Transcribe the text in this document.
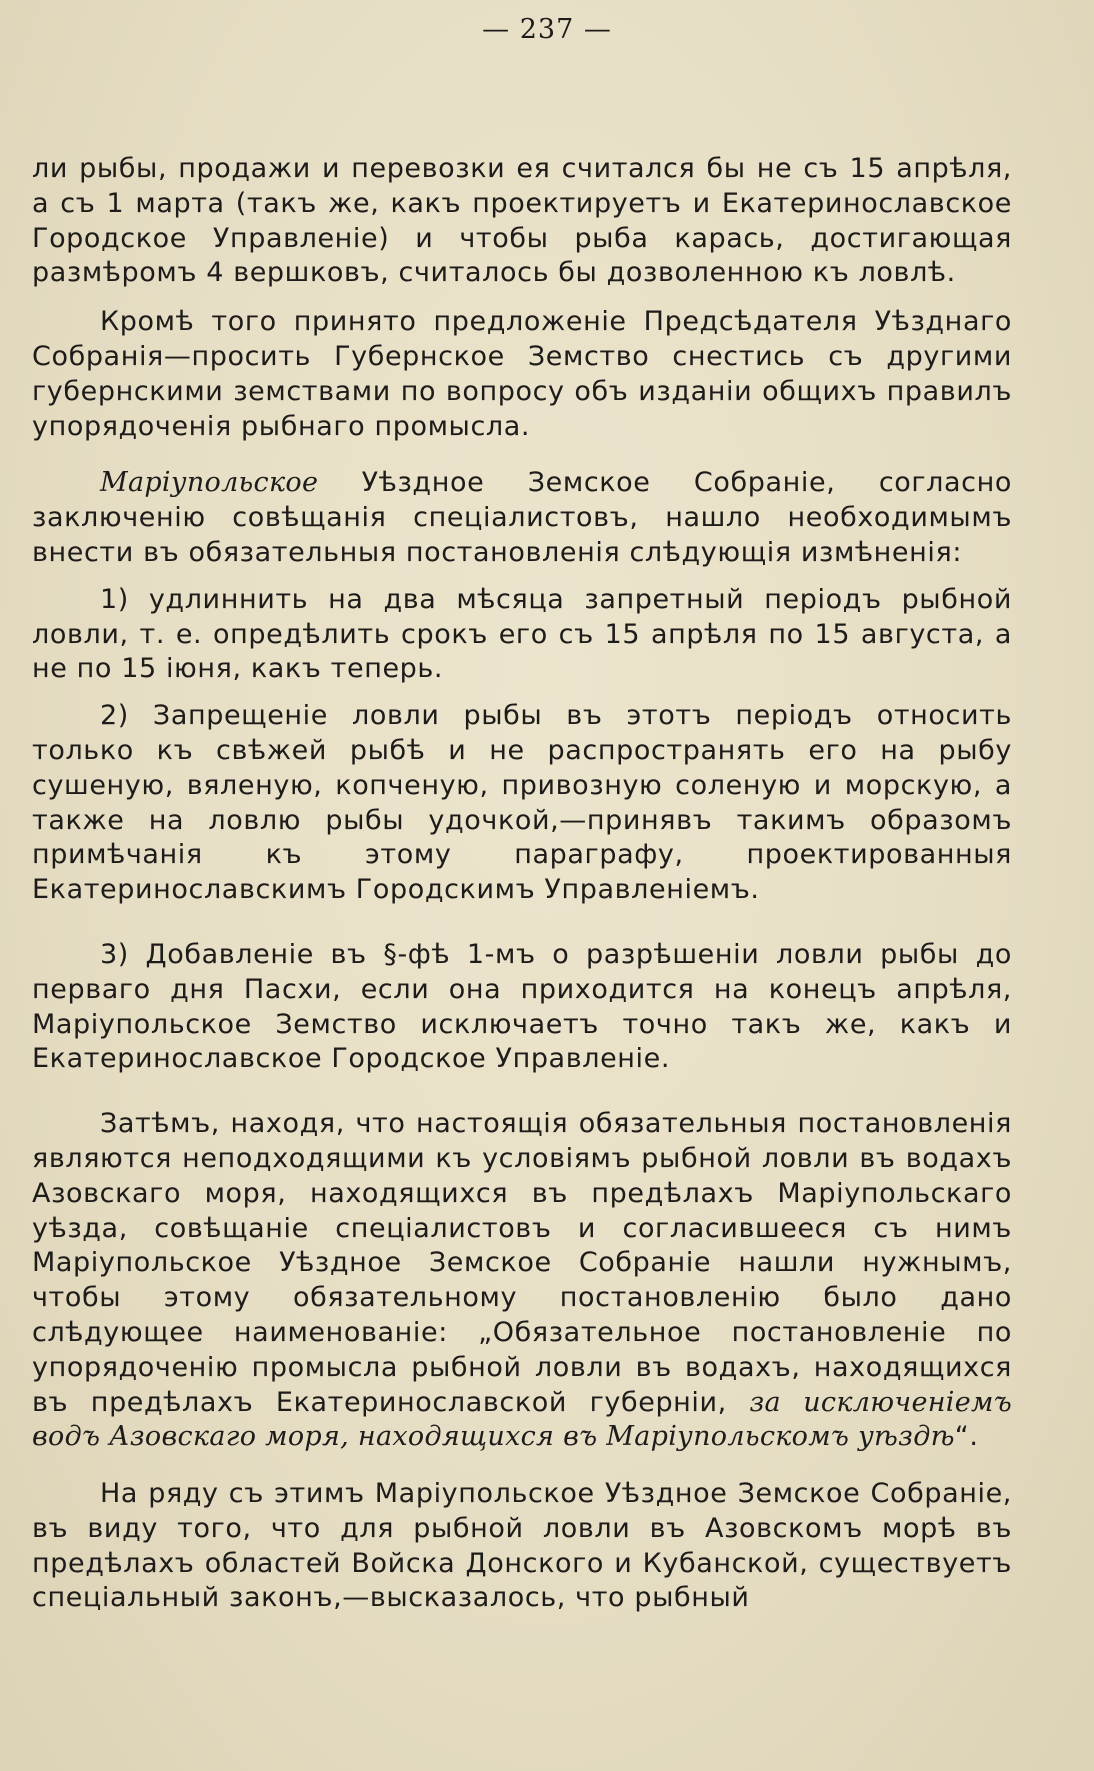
— 237 —

ли рыбы, продажи и перевозки ея считался бы не съ 15 апрѣля, а съ 1 марта (такъ же, какъ проектируетъ и Екатеринославское Городское Управленіе) и чтобы рыба карась, достигающая размѣромъ 4 вершковъ, считалось бы дозволенною къ ловлѣ.

Кромѣ того принято предложеніе Предсѣдателя Уѣзднаго Собранія—просить Губернское Земство снестись съ другими губернскими земствами по вопросу объ изданіи общихъ правилъ упорядоченія рыбнаго промысла.

Маріупольское Уѣздное Земское Собраніе, согласно заключенію совѣщанія спеціалистовъ, нашло необходимымъ внести въ обязательныя постановленія слѣдующія измѣненія:

1) удлиннить на два мѣсяца запретный періодъ рыбной ловли, т. е. опредѣлить срокъ его съ 15 апрѣля по 15 августа, а не по 15 іюня, какъ теперь.

2) Запрещеніе ловли рыбы въ этотъ періодъ относить только къ свѣжей рыбѣ и не распространять его на рыбу сушеную, вяленую, копченую, привозную соленую и морскую, а также на ловлю рыбы удочкой,—принявъ такимъ образомъ примѣчанія къ этому параграфу, проектированныя Екатеринославскимъ Городскимъ Управленіемъ.

3) Добавленіе въ §-фѣ 1-мъ о разрѣшеніи ловли рыбы до перваго дня Пасхи, если она приходится на конецъ апрѣля, Маріупольское Земство исключаетъ точно такъ же, какъ и Екатеринославское Городское Управленіе.

Затѣмъ, находя, что настоящія обязательныя постановленія являются неподходящими къ условіямъ рыбной ловли въ водахъ Азовскаго моря, находящихся въ предѣлахъ Маріупольскаго уѣзда, совѣщаніе спеціалистовъ и согласившееся съ нимъ Маріупольское Уѣздное Земское Собраніе нашли нужнымъ, чтобы этому обязательному постановленію было дано слѣдующее наименованіе: „Обязательное постановленіе по упорядоченію промысла рыбной ловли въ водахъ, находящихся въ предѣлахъ Екатеринославской губерніи, за исключеніемъ водъ Азовскаго моря, находящихся въ Маріупольскомъ уѣздѣ“.

На ряду съ этимъ Маріупольское Уѣздное Земское Собраніе, въ виду того, что для рыбной ловли въ Азовскомъ морѣ въ предѣлахъ областей Войска Донского и Кубанской, существуетъ спеціальный законъ,—высказалось, что рыбный
